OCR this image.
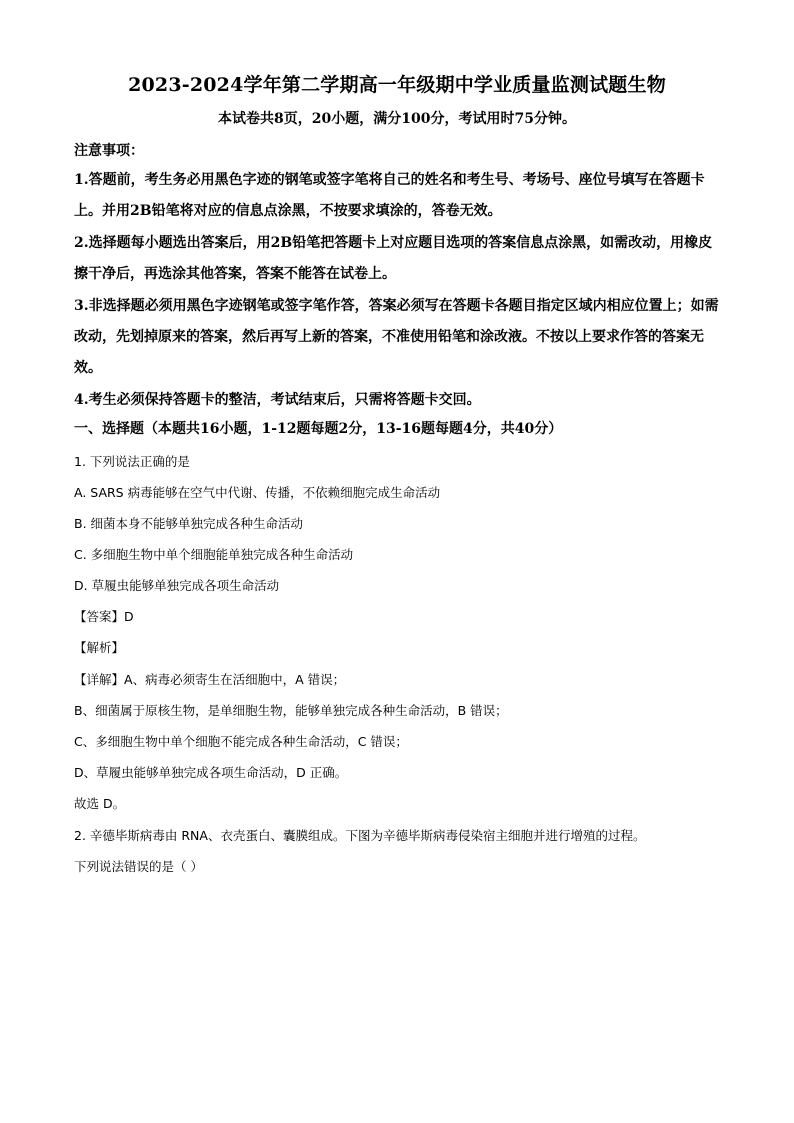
2023-2024学年第二学期高一年级期中学业质量监测试题生物
本试卷共8页，20小题，满分100分，考试用时75分钟。
注意事项：
1.答题前，考生务必用黑色字迹的钢笔或签字笔将自己的姓名和考生号、考场号、座位号填写在答题卡上。并用2B铅笔将对应的信息点涂黑，不按要求填涂的，答卷无效。
2.选择题每小题选出答案后，用2B铅笔把答题卡上对应题目选项的答案信息点涂黑，如需改动，用橡皮擦干净后，再选涂其他答案，答案不能答在试卷上。
3.非选择题必须用黑色字迹钢笔或签字笔作答，答案必须写在答题卡各题目指定区域内相应位置上；如需改动，先划掉原来的答案，然后再写上新的答案，不准使用铅笔和涂改液。不按以上要求作答的答案无效。
4.考生必须保持答题卡的整洁，考试结束后，只需将答题卡交回。
一、选择题（本题共16小题，1-12题每题2分，13-16题每题4分，共40分）
1. 下列说法正确的是
A. SARS 病毒能够在空气中代谢、传播，不依赖细胞完成生命活动
B. 细菌本身不能够单独完成各种生命活动
C. 多细胞生物中单个细胞能单独完成各种生命活动
D. 草履虫能够单独完成各项生命活动
【答案】D
【解析】
【详解】A、病毒必须寄生在活细胞中，A 错误；
B、细菌属于原核生物，是单细胞生物，能够单独完成各种生命活动，B 错误；
C、多细胞生物中单个细胞不能完成各种生命活动，C 错误；
D、草履虫能够单独完成各项生命活动，D 正确。
故选 D。
2. 辛德毕斯病毒由 RNA、衣壳蛋白、囊膜组成。下图为辛德毕斯病毒侵染宿主细胞并进行增殖的过程。
下列说法错误的是（ ）
